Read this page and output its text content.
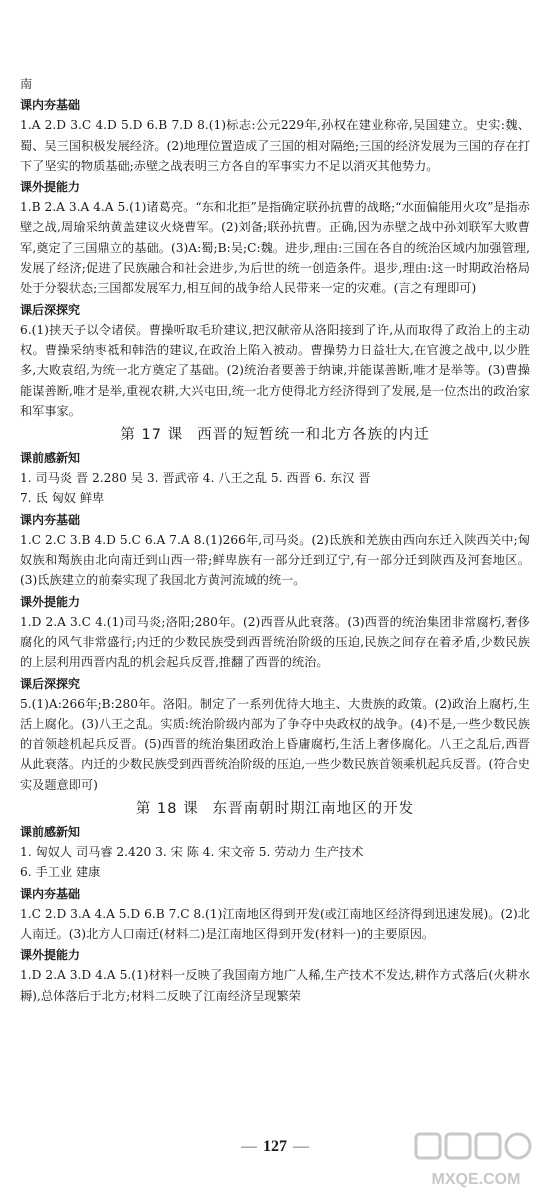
南

课内夯基础

1.A 2.D 3.C 4.D 5.D 6.B 7.D 8.(1)标志:公元229年,孙权在建业称帝,吴国建立。史实:魏、蜀、吴三国积极发展经济。(2)地理位置造成了三国的相对隔绝;三国的经济发展为三国的存在打下了坚实的物质基础;赤壁之战表明三方各自的军事实力不足以消灭其他势力。

课外提能力

1.B 2.A 3.A 4.A 5.(1)诸葛亮。“东和北拒”是指确定联孙抗曹的战略;“水面偏能用火攻”是指赤壁之战,周瑜采纳黄盖建议火烧曹军。(2)刘备;联孙抗曹。正确,因为赤壁之战中孙刘联军大败曹军,奠定了三国鼎立的基础。(3)A:蜀;B:吴;C:魏。进步,理由:三国在各自的统治区域内加强管理,发展了经济;促进了民族融合和社会进步,为后世的统一创造条件。退步,理由:这一时期政治格局处于分裂状态;三国都发展军力,相互间的战争给人民带来一定的灾难。(言之有理即可)

课后深探究

6.(1)挟天子以令诸侯。曹操听取毛玠建议,把汉献帝从洛阳接到了许,从而取得了政治上的主动权。曹操采纳枣祗和韩浩的建议,在政治上陷入被动。曹操势力日益壮大,在官渡之战中,以少胜多,大败袁绍,为统一北方奠定了基础。(2)统治者要善于纳谏,并能谋善断,唯才是举等。(3)曹操能谋善断,唯才是举,重视农耕,大兴屯田,统一北方使得北方经济得到了发展,是一位杰出的政治家和军事家。

第 17 课 西晋的短暂统一和北方各族的内迁

课前感新知

1. 司马炎 晋 2.280 吴 3. 晋武帝 4. 八王之乱 5. 西晋 6. 东汉 晋

7. 氐 匈奴 鲜卑

课内夯基础

1.C 2.C 3.B 4.D 5.C 6.A 7.A 8.(1)266年,司马炎。(2)氐族和羌族由西向东迁入陕西关中;匈奴族和羯族由北向南迁到山西一带;鲜卑族有一部分迁到辽宁,有一部分迁到陕西及河套地区。(3)氐族建立的前秦实现了我国北方黄河流域的统一。

课外提能力

1.D 2.A 3.C 4.(1)司马炎;洛阳;280年。(2)西晋从此衰落。(3)西晋的统治集团非常腐朽,奢侈腐化的风气非常盛行;内迁的少数民族受到西晋统治阶级的压迫,民族之间存在着矛盾,少数民族的上层利用西晋内乱的机会起兵反晋,推翻了西晋的统治。

课后深探究

5.(1)A:266年;B:280年。洛阳。制定了一系列优待大地主、大贵族的政策。(2)政治上腐朽,生活上腐化。(3)八王之乱。实质:统治阶级内部为了争夺中央政权的战争。(4)不是,一些少数民族的首领趁机起兵反晋。(5)西晋的统治集团政治上昏庸腐朽,生活上奢侈腐化。八王之乱后,西晋从此衰落。内迁的少数民族受到西晋统治阶级的压迫,一些少数民族首领乘机起兵反晋。(符合史实及题意即可)

第 18 课 东晋南朝时期江南地区的开发

课前感新知

1. 匈奴人 司马睿 2.420 3. 宋 陈 4. 宋文帝 5. 劳动力 生产技术

6. 手工业 建康

课内夯基础

1.C 2.D 3.A 4.A 5.D 6.B 7.C 8.(1)江南地区得到开发(或江南地区经济得到迅速发展)。(2)北人南迁。(3)北方人口南迁(材料二)是江南地区得到开发(材料一)的主要原因。

课外提能力

1.D 2.A 3.D 4.A 5.(1)材料一反映了我国南方地广人稀,生产技术不发达,耕作方式落后(火耕水耨),总体落后于北方;材料二反映了江南经济呈现繁荣

— 127 —
MXQE.COM
